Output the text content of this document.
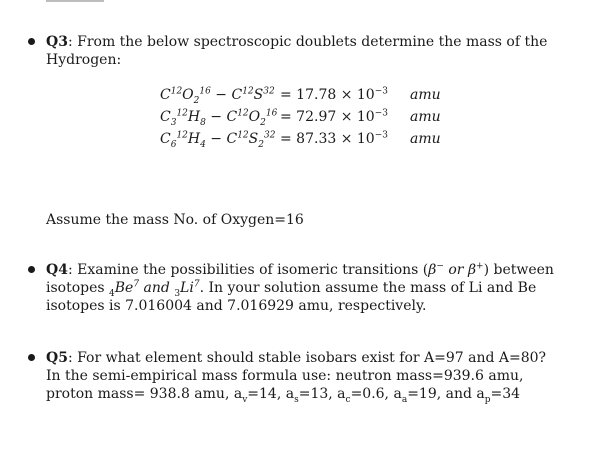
Q3: From the below spectroscopic doublets determine the mass of the Hydrogen:
$C^{12}O_2^{16} - C^{12}S^{32} = 17.78 \times 10^{-3}$ amu
$C_3^{12}H_8 - C^{12}O_2^{16} = 72.97 \times 10^{-3}$ amu
$C_6^{12}H_4 - C^{12}S_2^{32} = 87.33 \times 10^{-3}$ amu
Assume the mass No. of Oxygen=16
Q4: Examine the possibilities of isomeric transitions (β− or β+) between isotopes $_4Be^7$ and $_3Li^7$. In your solution assume the mass of Li and Be isotopes is 7.016004 and 7.016929 amu, respectively.
Q5: For what element should stable isobars exist for A=97 and A=80? In the semi-empirical mass formula use: neutron mass=939.6 amu, proton mass= 938.8 amu, $a_v=14$, $a_s=13$, $a_c=0.6$, $a_a=19$, and $a_p=34$
